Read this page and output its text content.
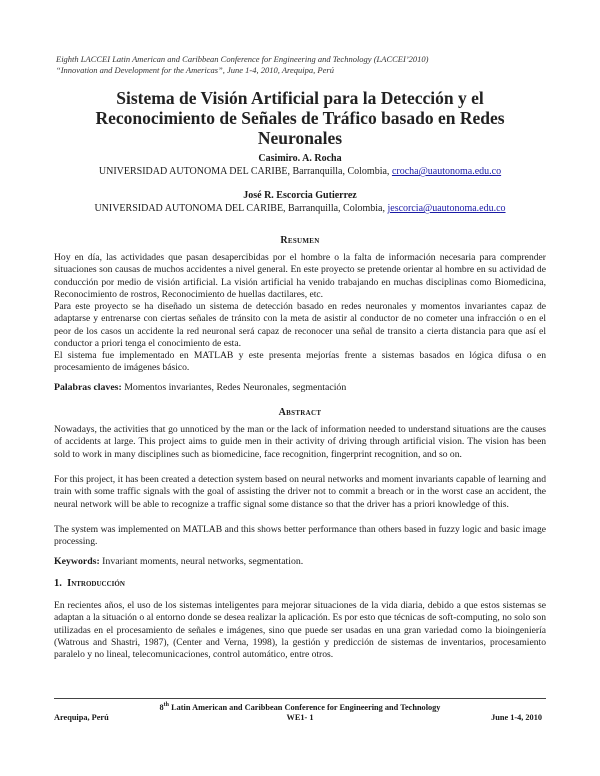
Eighth LACCEI Latin American and Caribbean Conference for Engineering and Technology (LACCEI’2010)
“Innovation and Development for the Americas”, June 1-4, 2010, Arequipa, Perú
Sistema de Visión Artificial para la Detección y el Reconocimiento de Señales de Tráfico basado en Redes Neuronales
Casimiro. A. Rocha
UNIVERSIDAD AUTONOMA DEL CARIBE, Barranquilla, Colombia, crocha@uautonoma.edu.co
José R. Escorcia Gutierrez
UNIVERSIDAD AUTONOMA DEL CARIBE, Barranquilla, Colombia, jescorcia@uautonoma.edu.co
Resumen

Hoy en día, las actividades que pasan desapercibidas por el hombre o la falta de información necesaria para comprender situaciones son causas de muchos accidentes a nivel general. En este proyecto se pretende orientar al hombre en su actividad de conducción por medio de visión artificial. La visión artificial ha venido trabajando en muchas disciplinas como Biomedicina, Reconocimiento de rostros, Reconocimiento de huellas dactilares, etc.

Para este proyecto se ha diseñado un sistema de detección basado en redes neuronales y momentos invariantes capaz de adaptarse y entrenarse con ciertas señales de tránsito con la meta de asistir al conductor de no cometer una infracción o en el peor de los casos un accidente la red neuronal será capaz de reconocer una señal de transito a cierta distancia para que así el conductor a priori tenga el conocimiento de esta.

El sistema fue implementado en MATLAB y este presenta mejorías frente a sistemas basados en lógica difusa o en procesamiento de imágenes básico.

Palabras claves: Momentos invariantes, Redes Neuronales, segmentación
Abstract

Nowadays, the activities that go unnoticed by the man or the lack of information needed to understand situations are the causes of accidents at large. This project aims to guide men in their activity of driving through artificial vision. The vision has been sold to work in many disciplines such as biomedicine, face recognition, fingerprint recognition, and so on.

For this project, it has been created a detection system based on neural networks and moment invariants capable of learning and train with some traffic signals with the goal of assisting the driver not to commit a breach or in the worst case an accident, the neural network will be able to recognize a traffic signal some distance so that the driver has a priori knowledge of this.

The system was implemented on MATLAB and this shows better performance than others based in fuzzy logic and basic image processing.

Keywords: Invariant moments, neural networks, segmentation.
1. Introducción

En recientes años, el uso de los sistemas inteligentes para mejorar situaciones de la vida diaria, debido a que estos sistemas se adaptan a la situación o al entorno donde se desea realizar la aplicación. Es por esto que técnicas de soft-computing, no solo son utilizadas en el procesamiento de señales e imágenes, sino que puede ser usadas en una gran variedad como la bioingeniería (Watrous and Shastri, 1987), (Center and Verna, 1998), la gestión y predicción de sistemas de inventarios, procesamiento paralelo y no lineal, telecomunicaciones, control automático, entre otros.

8th Latin American and Caribbean Conference for Engineering and Technology
Arequipa, Perú	WE1- 1	June 1-4, 2010
